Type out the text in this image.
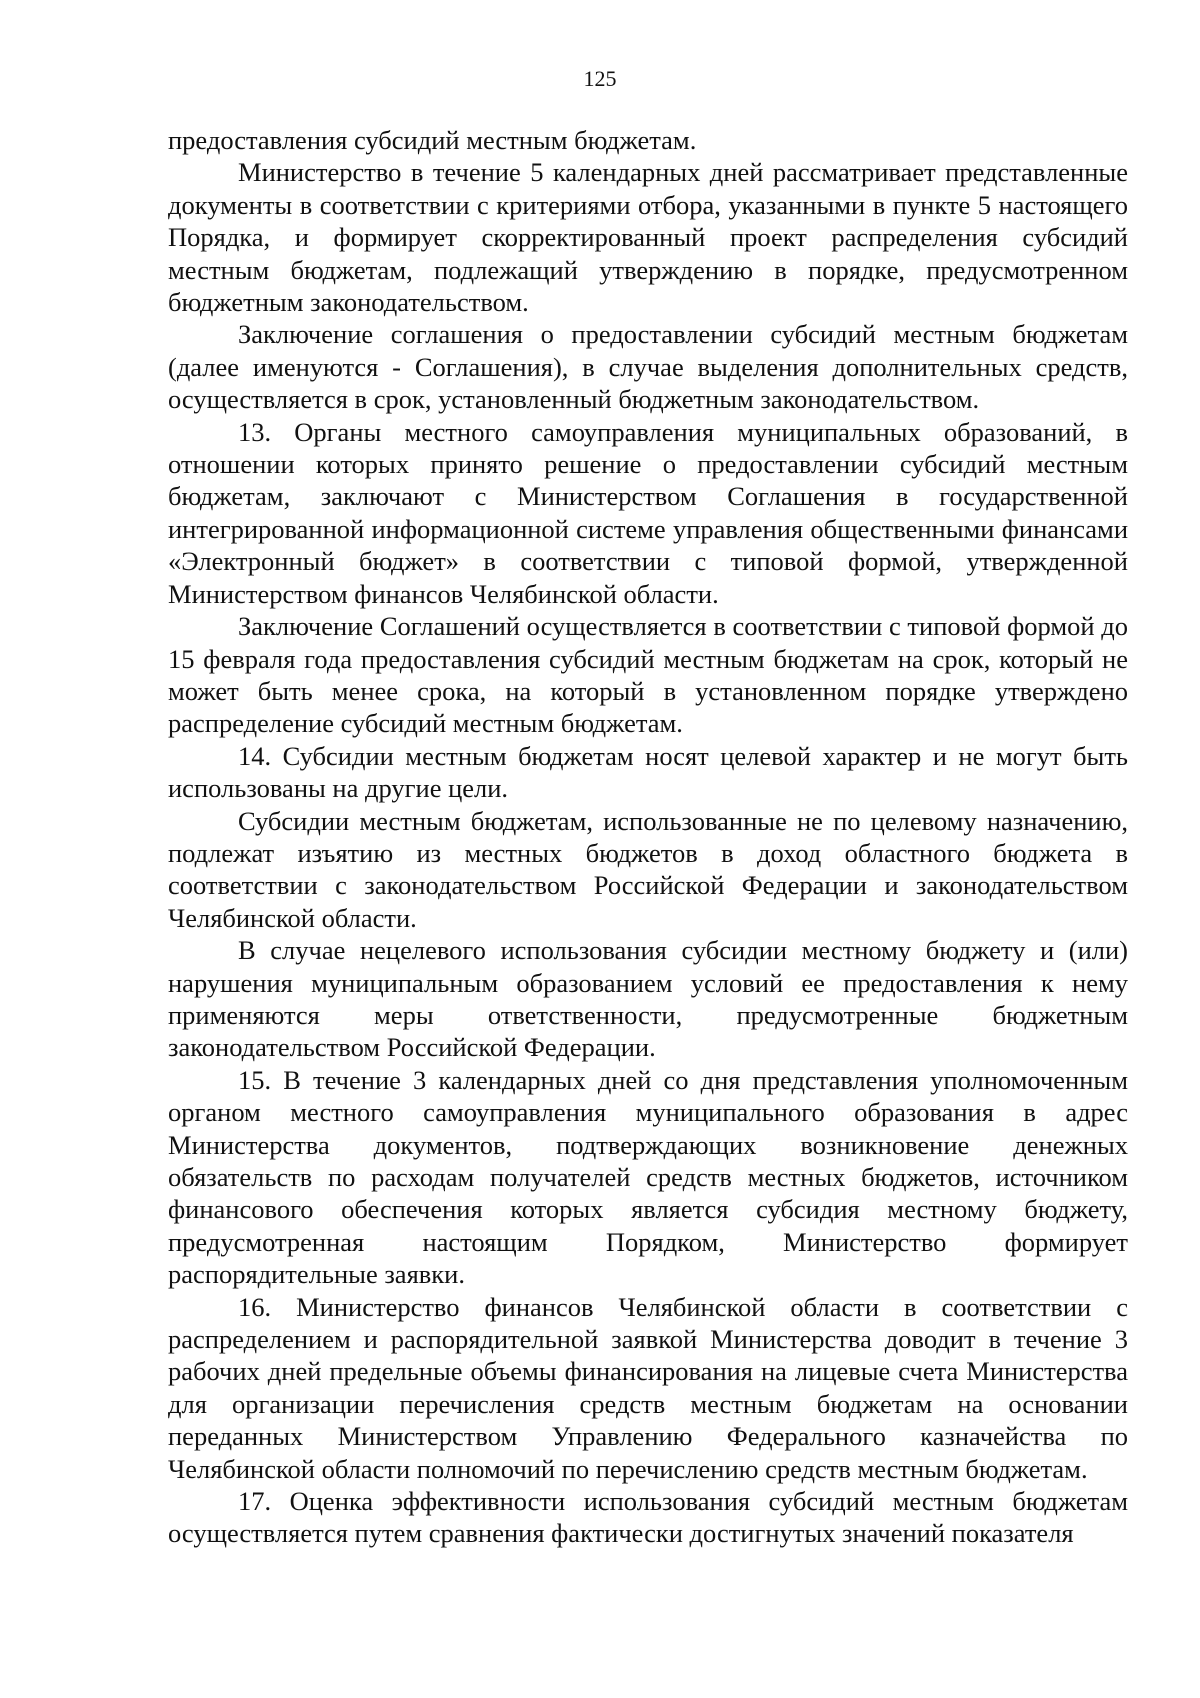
125

предоставления субсидий местным бюджетам.

Министерство в течение 5 календарных дней рассматривает представленные документы в соответствии с критериями отбора, указанными в пункте 5 настоящего Порядка, и формирует скорректированный проект распределения субсидий местным бюджетам, подлежащий утверждению в порядке, предусмотренном бюджетным законодательством.

Заключение соглашения о предоставлении субсидий местным бюджетам (далее именуются - Соглашения), в случае выделения дополнительных средств, осуществляется в срок, установленный бюджетным законодательством.

13. Органы местного самоуправления муниципальных образований, в отношении которых принято решение о предоставлении субсидий местным бюджетам, заключают с Министерством Соглашения в государственной интегрированной информационной системе управления общественными финансами «Электронный бюджет» в соответствии с типовой формой, утвержденной Министерством финансов Челябинской области.

Заключение Соглашений осуществляется в соответствии с типовой формой до 15 февраля года предоставления субсидий местным бюджетам на срок, который не может быть менее срока, на который в установленном порядке утверждено распределение субсидий местным бюджетам.

14. Субсидии местным бюджетам носят целевой характер и не могут быть использованы на другие цели.

Субсидии местным бюджетам, использованные не по целевому назначению, подлежат изъятию из местных бюджетов в доход областного бюджета в соответствии с законодательством Российской Федерации и законодательством Челябинской области.

В случае нецелевого использования субсидии местному бюджету и (или) нарушения муниципальным образованием условий ее предоставления к нему применяются меры ответственности, предусмотренные бюджетным законодательством Российской Федерации.

15. В течение 3 календарных дней со дня представления уполномоченным органом местного самоуправления муниципального образования в адрес Министерства документов, подтверждающих возникновение денежных обязательств по расходам получателей средств местных бюджетов, источником финансового обеспечения которых является субсидия местному бюджету, предусмотренная настоящим Порядком, Министерство формирует распорядительные заявки.

16. Министерство финансов Челябинской области в соответствии с распределением и распорядительной заявкой Министерства доводит в течение 3 рабочих дней предельные объемы финансирования на лицевые счета Министерства для организации перечисления средств местным бюджетам на основании переданных Министерством Управлению Федерального казначейства по Челябинской области полномочий по перечислению средств местным бюджетам.

17. Оценка эффективности использования субсидий местным бюджетам осуществляется путем сравнения фактически достигнутых значений показателя
